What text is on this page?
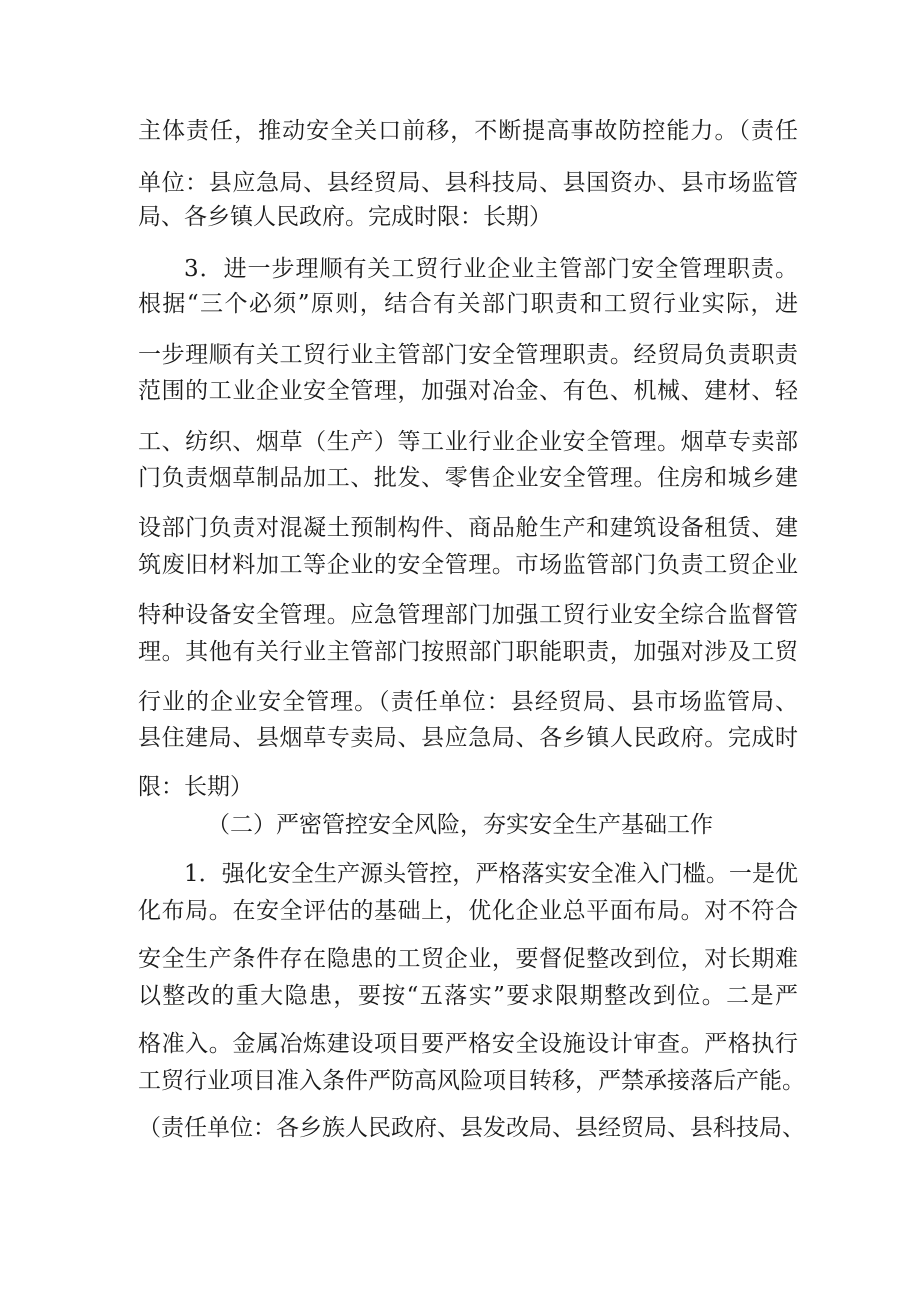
主体责任，推动安全关口前移，不断提高事故防控能力。（责任
单位：县应急局、县经贸局、县科技局、县国资办、县市场监管
局、各乡镇人民政府。完成时限：长期）
3．进一步理顺有关工贸行业企业主管部门安全管理职责。
根据“三个必须”原则，结合有关部门职责和工贸行业实际，进
一步理顺有关工贸行业主管部门安全管理职责。经贸局负责职责
范围的工业企业安全管理，加强对冶金、有色、机械、建材、轻
工、纺织、烟草（生产）等工业行业企业安全管理。烟草专卖部
门负责烟草制品加工、批发、零售企业安全管理。住房和城乡建
设部门负责对混凝土预制构件、商品舱生产和建筑设备租赁、建
筑废旧材料加工等企业的安全管理。市场监管部门负责工贸企业
特种设备安全管理。应急管理部门加强工贸行业安全综合监督管
理。其他有关行业主管部门按照部门职能职责，加强对涉及工贸
行业的企业安全管理。（责任单位：县经贸局、县市场监管局、
县住建局、县烟草专卖局、县应急局、各乡镇人民政府。完成时
限：长期）
（二）严密管控安全风险，夯实安全生产基础工作
1．强化安全生产源头管控，严格落实安全准入门槛。一是优
化布局。在安全评估的基础上，优化企业总平面布局。对不符合
安全生产条件存在隐患的工贸企业，要督促整改到位，对长期难
以整改的重大隐患，要按“五落实”要求限期整改到位。二是严
格准入。金属冶炼建设项目要严格安全设施设计审查。严格执行
工贸行业项目准入条件严防高风险项目转移，严禁承接落后产能。
（责任单位：各乡族人民政府、县发改局、县经贸局、县科技局、
